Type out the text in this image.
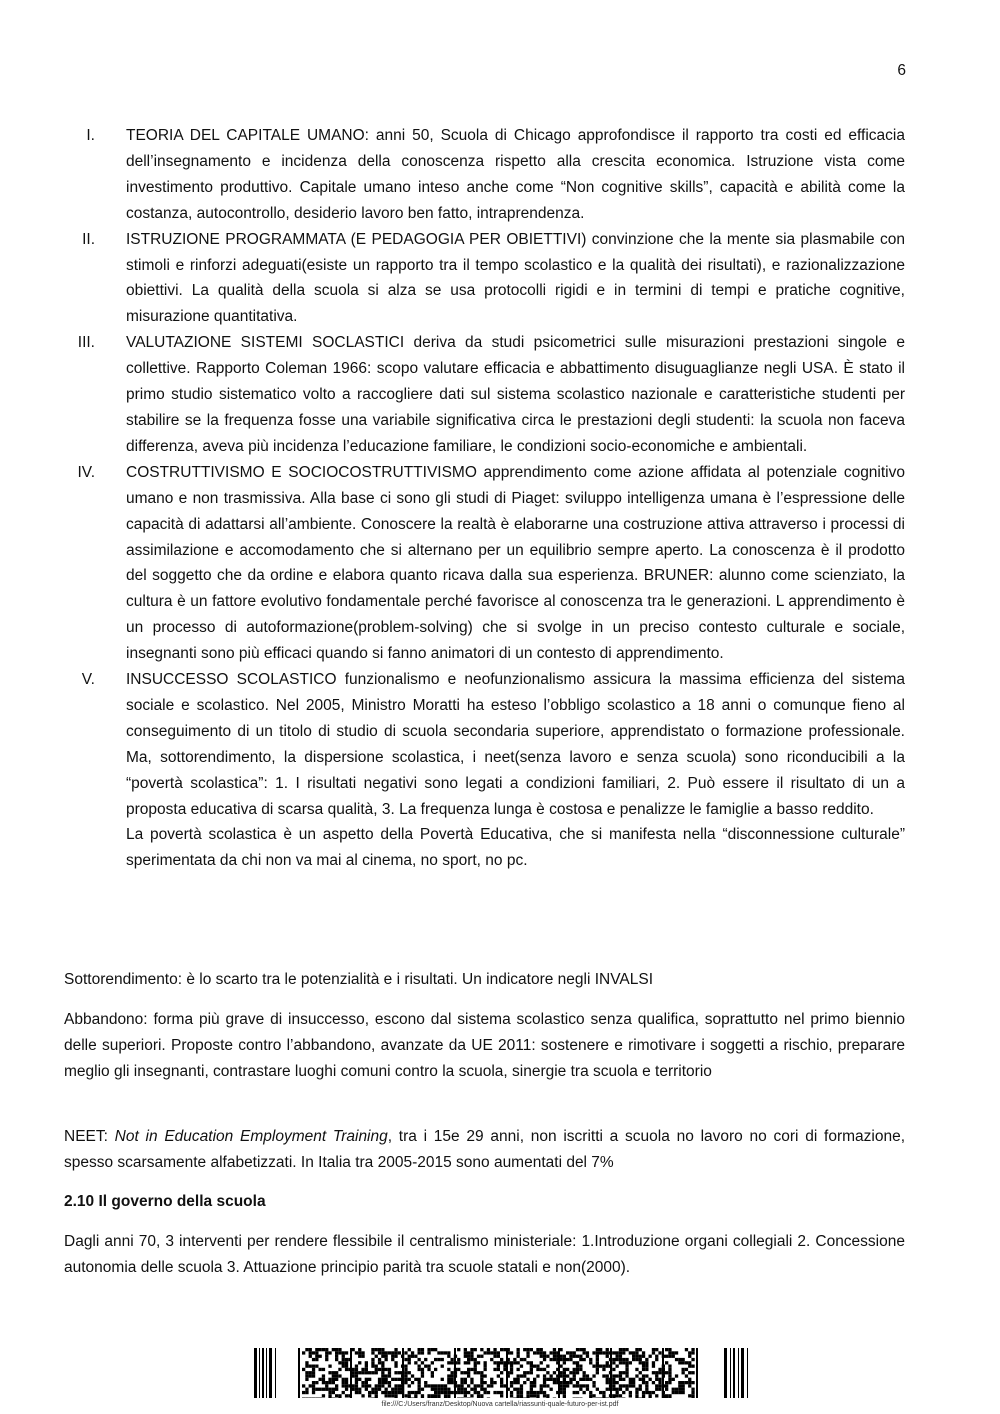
6
I. TEORIA DEL CAPITALE UMANO: anni 50, Scuola di Chicago approfondisce il rapporto tra costi ed efficacia dell’insegnamento e incidenza della conoscenza rispetto alla crescita economica. Istruzione vista come investimento produttivo. Capitale umano inteso anche come “Non cognitive skills”, capacità e abilità come la costanza, autocontrollo, desiderio lavoro ben fatto, intraprendenza.

II. ISTRUZIONE PROGRAMMATA (E PEDAGOGIA PER OBIETTIVI) convinzione che la mente sia plasmabile con stimoli e rinforzi adeguati(esiste un rapporto tra il tempo scolastico e la qualità dei risultati), e razionalizzazione obiettivi. La qualità della scuola si alza se usa protocolli rigidi e in termini di tempi e pratiche cognitive, misurazione quantitativa.

III. VALUTAZIONE SISTEMI SOCLASTICI deriva da studi psicometrici sulle misurazioni prestazioni singole e collettive. Rapporto Coleman 1966: scopo valutare efficacia e abbattimento disuguaglianze negli USA. È stato il primo studio sistematico volto a raccogliere dati sul sistema scolastico nazionale e caratteristiche studenti per stabilire se la frequenza fosse una variabile significativa circa le prestazioni degli studenti: la scuola non faceva differenza, aveva più incidenza l’educazione familiare, le condizioni socio-economiche e ambientali.

IV. COSTRUTTIVISMO E SOCIOCOSTRUTTIVISMO apprendimento come azione affidata al potenziale cognitivo umano e non trasmissiva. Alla base ci sono gli studi di Piaget: sviluppo intelligenza umana è l’espressione delle capacità di adattarsi all’ambiente. Conoscere la realtà è elaborarne una costruzione attiva attraverso i processi di assimilazione e accomodamento che si alternano per un equilibrio sempre aperto. La conoscenza è il prodotto del soggetto che da ordine e elabora quanto ricava dalla sua esperienza. BRUNER: alunno come scienziato, la cultura è un fattore evolutivo fondamentale perché favorisce al conoscenza tra le generazioni. L apprendimento è un processo di autoformazione(problem-solving) che si svolge in un preciso contesto culturale e sociale, insegnanti sono più efficaci quando si fanno animatori di un contesto di apprendimento.

V. INSUCCESSO SCOLASTICO funzionalismo e neofunzionalismo assicura la massima efficienza del sistema sociale e scolastico. Nel 2005, Ministro Moratti ha esteso l’obbligo scolastico a 18 anni o comunque fieno al conseguimento di un titolo di studio di scuola secondaria superiore, apprendistato o formazione professionale. Ma, sottorendimento, la dispersione scolastica, i neet(senza lavoro e senza scuola) sono riconducibili a la “povertà scolastica”: 1. I risultati negativi sono legati a condizioni familiari, 2. Può essere il risultato di un a proposta educativa di scarsa qualità, 3. La frequenza lunga è costosa e penalizze le famiglie a basso reddito.

La povertà scolastica è un aspetto della Povertà Educativa, che si manifesta nella “disconnessione culturale” sperimentata da chi non va mai al cinema, no sport, no pc.

Sottorendimento: è lo scarto tra le potenzialità e i risultati. Un indicatore negli INVALSI

Abbandono: forma più grave di insuccesso, escono dal sistema scolastico senza qualifica, soprattutto nel primo biennio delle superiori. Proposte contro l’abbandono, avanzate da UE 2011: sostenere e rimotivare i soggetti a rischio, preparare meglio gli insegnanti, contrastare luoghi comuni contro la scuola, sinergie tra scuola e territorio

NEET: Not in Education Employment Training, tra i 15e 29 anni, non iscritti a scuola no lavoro no cori di formazione, spesso scarsamente alfabetizzati. In Italia tra 2005-2015 sono aumentati del 7%

2.10 Il governo della scuola

Dagli anni 70, 3 interventi per rendere flessibile il centralismo ministeriale: 1.Introduzione organi collegiali 2. Concessione autonomia delle scuola 3. Attuazione principio parità tra scuole statali e non(2000).

file:///C:/Users/franz/Desktop/Nuova cartella/riassunti-quale-futuro-per-ist.pdf
